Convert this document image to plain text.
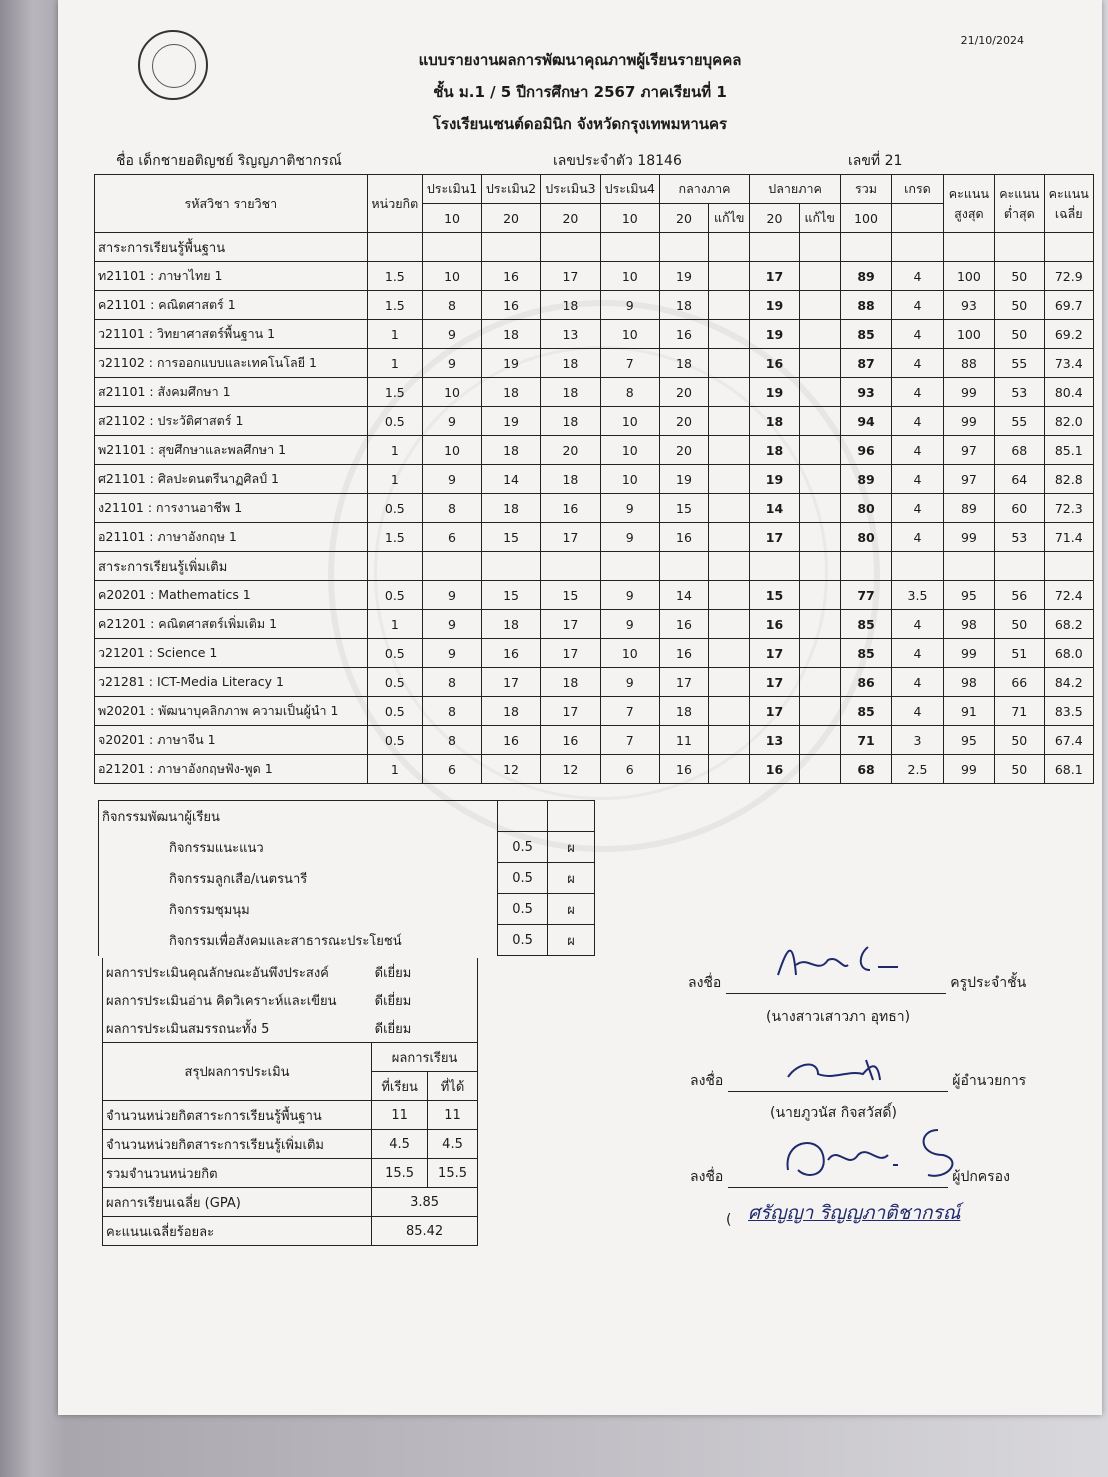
21/10/2024
แบบรายงานผลการพัฒนาคุณภาพผู้เรียนรายบุคคล
ชั้น ม.1 / 5 ปีการศึกษา 2567 ภาคเรียนที่ 1
โรงเรียนเซนต์ดอมินิก จังหวัดกรุงเทพมหานคร
ชื่อ เด็กชายอติญชย์ ริญญภาติชากรณ์	เลขประจำตัว 18146	เลขที่ 21
รหัสวิชา รายวิชา	หน่วยกิต	ประเมิน1	ประเมิน2	ประเมิน3	ประเมิน4	กลางภาค		ปลายภาค		รวม	เกรด	คะแนนสูงสุด	คะแนนต่ำสุด	คะแนนเฉลี่ย
		10	20	20	10	20	แก้ไข	20	แก้ไข	100				
สาระการเรียนรู้พื้นฐาน														
ท21101 : ภาษาไทย 1	1.5	10	16	17	10	19		17		89	4	100	50	72.9
ค21101 : คณิตศาสตร์ 1	1.5	8	16	18	9	18		19		88	4	93	50	69.7
ว21101 : วิทยาศาสตร์พื้นฐาน 1	1	9	18	13	10	16		19		85	4	100	50	69.2
ว21102 : การออกแบบและเทคโนโลยี 1	1	9	19	18	7	18		16		87	4	88	55	73.4
ส21101 : สังคมศึกษา 1	1.5	10	18	18	8	20		19		93	4	99	53	80.4
ส21102 : ประวัติศาสตร์ 1	0.5	9	19	18	10	20		18		94	4	99	55	82.0
พ21101 : สุขศึกษาและพลศึกษา 1	1	10	18	20	10	20		18		96	4	97	68	85.1
ศ21101 : ศิลปะดนตรีนาฏศิลป์ 1	1	9	14	18	10	19		19		89	4	97	64	82.8
ง21101 : การงานอาชีพ 1	0.5	8	18	16	9	15		14		80	4	89	60	72.3
อ21101 : ภาษาอังกฤษ 1	1.5	6	15	17	9	16		17		80	4	99	53	71.4
สาระการเรียนรู้เพิ่มเติม														
ค20201 : Mathematics 1	0.5	9	15	15	9	14		15		77	3.5	95	56	72.4
ค21201 : คณิตศาสตร์เพิ่มเติม 1	1	9	18	17	9	16		16		85	4	98	50	68.2
ว21201 : Science 1	0.5	9	16	17	10	16		17		85	4	99	51	68.0
ว21281 : ICT-Media Literacy 1	0.5	8	17	18	9	17		17		86	4	98	66	84.2
พ20201 : พัฒนาบุคลิกภาพ ความเป็นผู้นำ 1	0.5	8	18	17	7	18		17		85	4	91	71	83.5
จ20201 : ภาษาจีน 1	0.5	8	16	16	7	11		13		71	3	95	50	67.4
อ21201 : ภาษาอังกฤษฟัง-พูด 1	1	6	12	12	6	16		16		68	2.5	99	50	68.1
กิจกรรมพัฒนาผู้เรียน		
กิจกรรมแนะแนว	0.5	ผ
กิจกรรมลูกเสือ/เนตรนารี	0.5	ผ
กิจกรรมชุมนุม	0.5	ผ
กิจกรรมเพื่อสังคมและสาธารณะประโยชน์	0.5	ผ
ผลการประเมินคุณลักษณะอันพึงประสงค์	ดีเยี่ยม	
ผลการประเมินอ่าน คิดวิเคราะห์และเขียน	ดีเยี่ยม	
ผลการประเมินสมรรถนะทั้ง 5	ดีเยี่ยม	
สรุปผลการประเมิน	ผลการเรียน	
	ที่เรียน	ที่ได้
จำนวนหน่วยกิตสาระการเรียนรู้พื้นฐาน	11	11
จำนวนหน่วยกิตสาระการเรียนรู้เพิ่มเติม	4.5	4.5
รวมจำนวนหน่วยกิต	15.5	15.5
ผลการเรียนเฉลี่ย (GPA)	3.85	
คะแนนเฉลี่ยร้อยละ	85.42	
ลงชื่อ	ครูประจำชั้น
(นางสาวเสาวภา อุทธา)
ลงชื่อ	ผู้อำนวยการ
(นายภูวนัส กิจสวัสดิ์)
ลงชื่อ	ผู้ปกครอง
( ศรัญญา ริญญภาติชากรณ์
